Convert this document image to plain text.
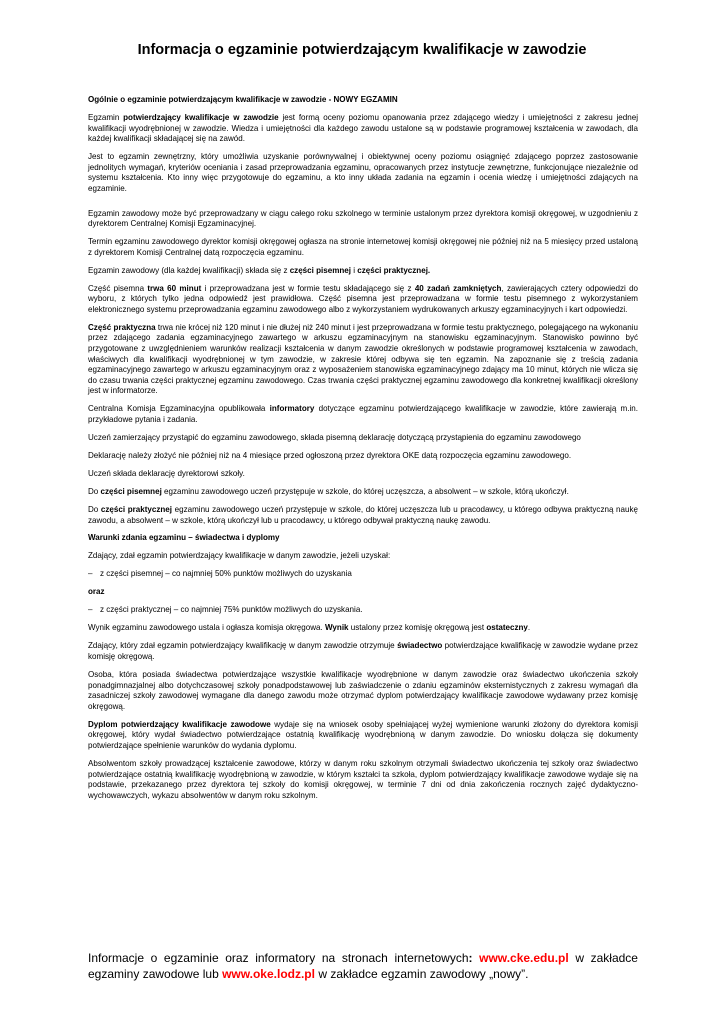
Informacja o egzaminie potwierdzającym kwalifikacje w zawodzie

Ogólnie o egzaminie potwierdzającym kwalifikacje w zawodzie - NOWY EGZAMIN

Egzamin potwierdzający kwalifikacje w zawodzie jest formą oceny poziomu opanowania przez zdającego wiedzy i umiejętności z zakresu jednej kwalifikacji wyodrębnionej w zawodzie. Wiedza i umiejętności dla każdego zawodu ustalone są w podstawie programowej kształcenia w zawodach, dla każdej kwalifikacji składającej się na zawód.

Jest to egzamin zewnętrzny, który umożliwia uzyskanie porównywalnej i obiektywnej oceny poziomu osiągnięć zdającego poprzez zastosowanie jednolitych wymagań, kryteriów oceniania i zasad przeprowadzania egzaminu, opracowanych przez instytucje zewnętrzne, funkcjonujące niezależnie od systemu kształcenia. Kto inny więc przygotowuje do egzaminu, a kto inny układa zadania na egzamin i ocenia wiedzę i umiejętności zdających na egzaminie.

Egzamin zawodowy może być przeprowadzany w ciągu całego roku szkolnego w terminie ustalonym przez dyrektora komisji okręgowej, w uzgodnieniu z dyrektorem Centralnej Komisji Egzaminacyjnej.

Termin egzaminu zawodowego dyrektor komisji okręgowej ogłasza na stronie internetowej komisji okręgowej nie później niż na 5 miesięcy przed ustaloną z dyrektorem Komisji Centralnej datą rozpoczęcia egzaminu.

Egzamin zawodowy (dla każdej kwalifikacji) składa się z części pisemnej i części praktycznej.

Część pisemna trwa 60 minut i przeprowadzana jest w formie testu składającego się z 40 zadań zamkniętych, zawierających cztery odpowiedzi do wyboru, z których tylko jedna odpowiedź jest prawidłowa. Część pisemna jest przeprowadzana w formie testu pisemnego z wykorzystaniem elektronicznego systemu przeprowadzania egzaminu zawodowego albo z wykorzystaniem wydrukowanych arkuszy egzaminacyjnych i kart odpowiedzi.

Część praktyczna trwa nie krócej niż 120 minut i nie dłużej niż 240 minut i jest przeprowadzana w formie testu praktycznego, polegającego na wykonaniu przez zdającego zadania egzaminacyjnego zawartego w arkuszu egzaminacyjnym na stanowisku egzaminacyjnym. Stanowisko powinno być przygotowane z uwzględnieniem warunków realizacji kształcenia w danym zawodzie określonych w podstawie programowej kształcenia w zawodach, właściwych dla kwalifikacji wyodrębnionej w tym zawodzie, w zakresie której odbywa się ten egzamin. Na zapoznanie się z treścią zadania egzaminacyjnego zawartego w arkuszu egzaminacyjnym oraz z wyposażeniem stanowiska egzaminacyjnego zdający ma 10 minut, których nie wlicza się do czasu trwania części praktycznej egzaminu zawodowego. Czas trwania części praktycznej egzaminu zawodowego dla konkretnej kwalifikacji określony jest w informatorze.

Centralna Komisja Egzaminacyjna opublikowała informatory dotyczące egzaminu potwierdzającego kwalifikacje w zawodzie, które zawierają m.in. przykładowe pytania i zadania.

Uczeń zamierzający przystąpić do egzaminu zawodowego, składa pisemną deklarację dotyczącą przystąpienia do egzaminu zawodowego

Deklarację należy złożyć nie później niż na 4 miesiące przed ogłoszoną przez dyrektora OKE datą rozpoczęcia egzaminu zawodowego.

Uczeń składa deklarację dyrektorowi szkoły.

Do części pisemnej egzaminu zawodowego uczeń przystępuje w szkole, do której uczęszcza, a absolwent – w szkole, którą ukończył.

Do części praktycznej egzaminu zawodowego uczeń przystępuje w szkole, do której uczęszcza lub u pracodawcy, u którego odbywa praktyczną naukę zawodu, a absolwent – w szkole, którą ukończył lub u pracodawcy, u którego odbywał praktyczną naukę zawodu.

Warunki zdania egzaminu – świadectwa i dyplomy

Zdający, zdał egzamin potwierdzający kwalifikacje w danym zawodzie, jeżeli uzyskał:

– z części pisemnej – co najmniej 50% punktów możliwych do uzyskania

oraz

– z części praktycznej – co najmniej 75% punktów możliwych do uzyskania.

Wynik egzaminu zawodowego ustala i ogłasza komisja okręgowa. Wynik ustalony przez komisję okręgową jest ostateczny.

Zdający, który zdał egzamin potwierdzający kwalifikację w danym zawodzie otrzymuje świadectwo potwierdzające kwalifikację w zawodzie wydane przez komisję okręgową.

Osoba, która posiada świadectwa potwierdzające wszystkie kwalifikacje wyodrębnione w danym zawodzie oraz świadectwo ukończenia szkoły ponadgimnazjalnej albo dotychczasowej szkoły ponadpodstawowej lub zaświadczenie o zdaniu egzaminów eksternistycznych z zakresu wymagań dla zasadniczej szkoły zawodowej wymagane dla danego zawodu może otrzymać dyplom potwierdzający kwalifikacje zawodowe wydawany przez komisję okręgową.

Dyplom potwierdzający kwalifikacje zawodowe wydaje się na wniosek osoby spełniającej wyżej wymienione warunki złożony do dyrektora komisji okręgowej, który wydał świadectwo potwierdzające ostatnią kwalifikację wyodrębnioną w danym zawodzie. Do wniosku dołącza się dokumenty potwierdzające spełnienie warunków do wydania dyplomu.

Absolwentom szkoły prowadzącej kształcenie zawodowe, którzy w danym roku szkolnym otrzymali świadectwo ukończenia tej szkoły oraz świadectwo potwierdzające ostatnią kwalifikację wyodrębnioną w zawodzie, w którym kształci ta szkoła, dyplom potwierdzający kwalifikacje zawodowe wydaje się na podstawie, przekazanego przez dyrektora tej szkoły do komisji okręgowej, w terminie 7 dni od dnia zakończenia rocznych zajęć dydaktyczno-wychowawczych, wykazu absolwentów w danym roku szkolnym.

Informacje o egzaminie oraz informatory na stronach internetowych: www.cke.edu.pl w zakładce egzaminy zawodowe lub www.oke.lodz.pl w zakładce egzamin zawodowy „nowy”.
